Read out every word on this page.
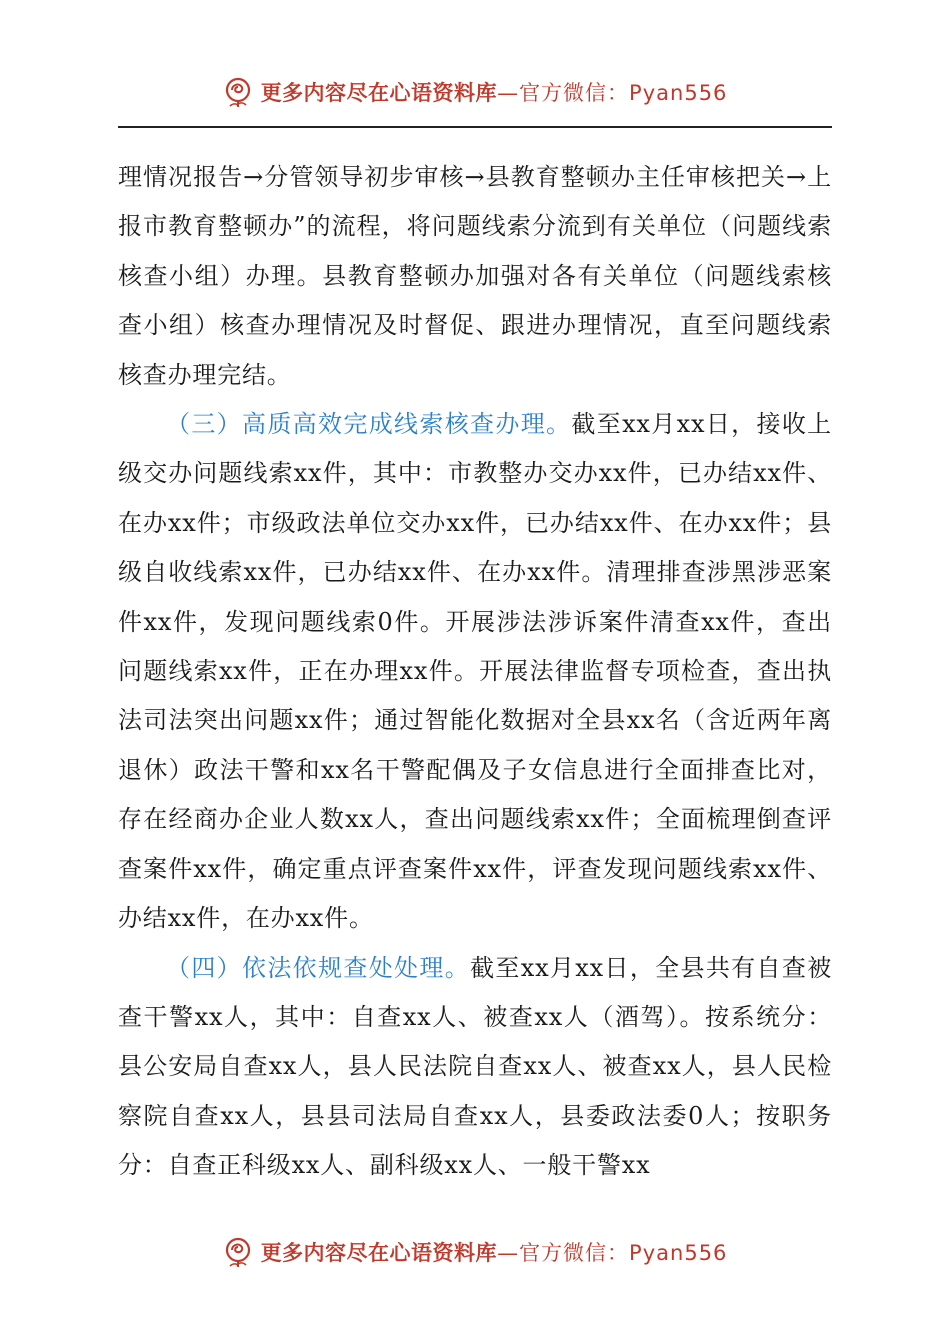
更多内容尽在心语资料库 —官方微信：Pyan556

理情况报告→分管领导初步审核→县教育整顿办主任审核把关→上报市教育整顿办”的流程，将问题线索分流到有关单位（问题线索核查小组）办理。县教育整顿办加强对各有关单位（问题线索核查小组）核查办理情况及时督促、跟进办理情况，直至问题线索核查办理完结。

（三）高质高效完成线索核查办理。截至xx月xx日，接收上级交办问题线索xx件，其中：市教整办交办xx件，已办结xx件、在办xx件；市级政法单位交办xx件，已办结xx件、在办xx件；县级自收线索xx件，已办结xx件、在办xx件。清理排查涉黑涉恶案件xx件，发现问题线索0件。开展涉法涉诉案件清查xx件，查出问题线索xx件，正在办理xx件。开展法律监督专项检查，查出执法司法突出问题xx件；通过智能化数据对全县xx名（含近两年离退休）政法干警和xx名干警配偶及子女信息进行全面排查比对，存在经商办企业人数xx人，查出问题线索xx件；全面梳理倒查评查案件xx件，确定重点评查案件xx件，评查发现问题线索xx件、办结xx件，在办xx件。

（四）依法依规查处处理。截至xx月xx日，全县共有自查被查干警xx人，其中：自查xx人、被查xx人（酒驾）。按系统分：县公安局自查xx人，县人民法院自查xx人、被查xx人，县人民检察院自查xx人，县县司法局自查xx人，县委政法委0人；按职务分：自查正科级xx人、副科级xx人、一般干警xx

更多内容尽在心语资料库 —官方微信：Pyan556
